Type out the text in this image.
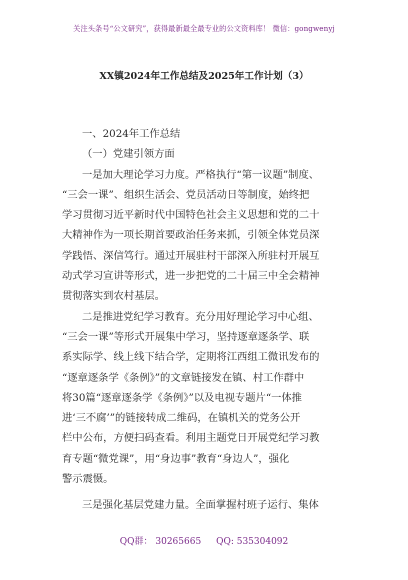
关注头条号“公文研究”，获得最新最全最专业的公文资料库！ 微信：gongwenyj
XX镇2024年工作总结及2025年工作计划（3）
一、2024年工作总结
（一）党建引领方面
一是加大理论学习力度。严格执行“第一议题”制度、
“三会一课”、组织生活会、党员活动日等制度，始终把
学习贯彻习近平新时代中国特色社会主义思想和党的二十
大精神作为一项长期首要政治任务来抓，引领全体党员深
学践悟、深信笃行。通过开展驻村干部深入所驻村开展互
动式学习宣讲等形式，进一步把党的二十届三中全会精神
贯彻落实到农村基层。
二是推进党纪学习教育。充分用好理论学习中心组、
“三会一课”等形式开展集中学习，坚持逐章逐条学、联
系实际学、线上线下结合学，定期将江西组工微讯发布的
“逐章逐条学《条例》”的文章链接发在镇、村工作群中
将30篇“逐章逐条学《条例》”以及电视专题片“一体推
进‘三不腐’”的链接转成二维码，在镇机关的党务公开
栏中公布，方便扫码查看。利用主题党日开展党纪学习教
育专题“微党课”，用“身边事”教育“身边人”，强化
警示震慑。
三是强化基层党建力量。全面掌握村班子运行、集体
QQ群： 30265665 QQ: 535304092
